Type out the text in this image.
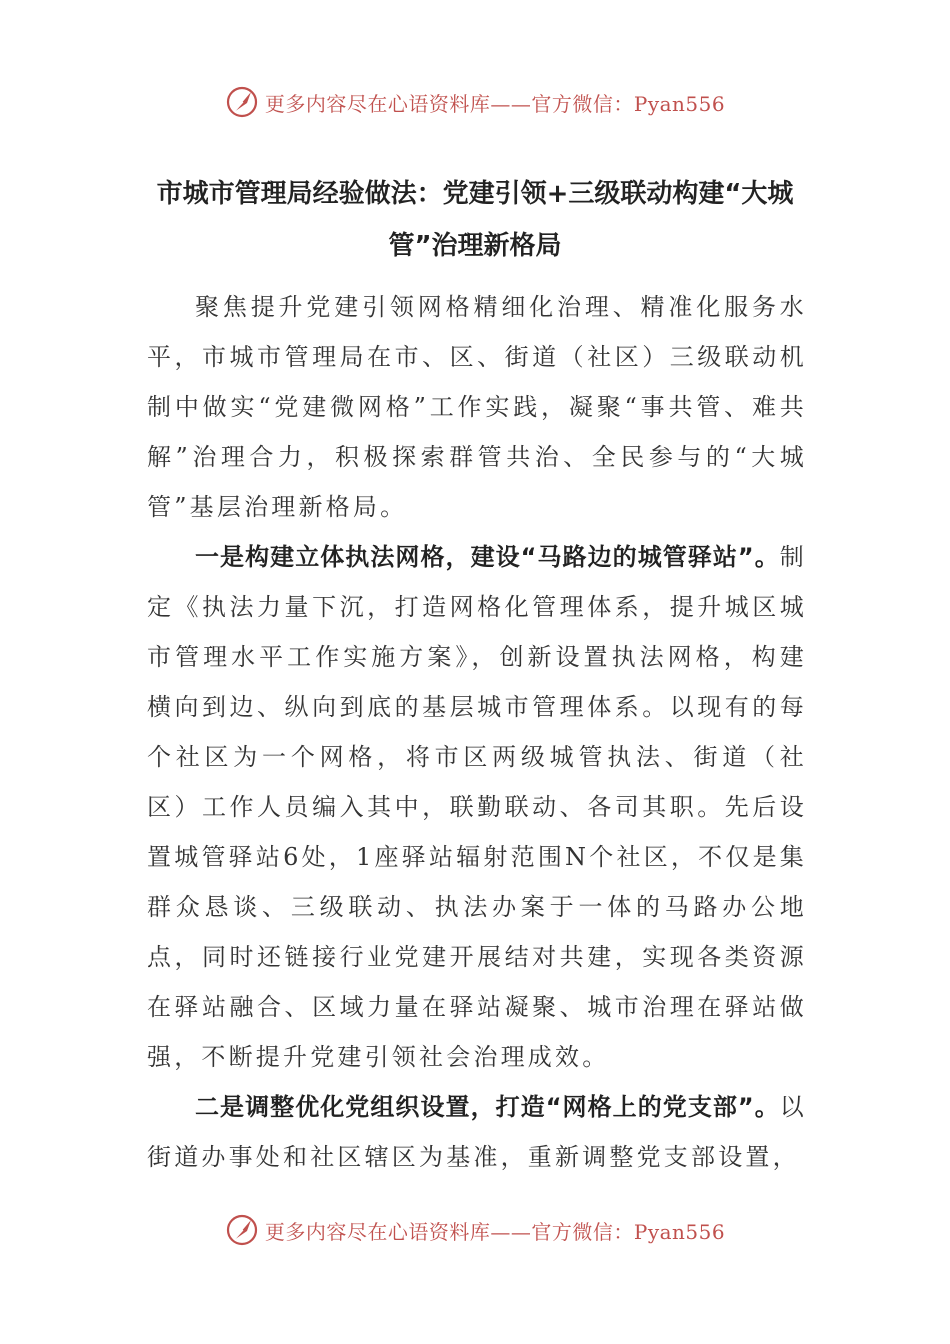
更多内容尽在心语资料库——官方微信：Pyan556
市城市管理局经验做法：党建引领+三级联动构建“大城管”治理新格局

聚焦提升党建引领网格精细化治理、精准化服务水平，市城市管理局在市、区、街道（社区）三级联动机制中做实“党建微网格”工作实践，凝聚“事共管、难共解”治理合力，积极探索群管共治、全民参与的“大城管”基层治理新格局。

一是构建立体执法网格，建设“马路边的城管驿站”。制定《执法力量下沉，打造网格化管理体系，提升城区城市管理水平工作实施方案》，创新设置执法网格，构建横向到边、纵向到底的基层城市管理体系。以现有的每个社区为一个网格，将市区两级城管执法、街道（社区）工作人员编入其中，联勤联动、各司其职。先后设置城管驿站6处，1座驿站辐射范围N个社区，不仅是集群众恳谈、三级联动、执法办案于一体的马路办公地点，同时还链接行业党建开展结对共建，实现各类资源在驿站融合、区域力量在驿站凝聚、城市治理在驿站做强，不断提升党建引领社会治理成效。

二是调整优化党组织设置，打造“网格上的党支部”。以街道办事处和社区辖区为基准，重新调整党支部设置，

更多内容尽在心语资料库——官方微信：Pyan556
